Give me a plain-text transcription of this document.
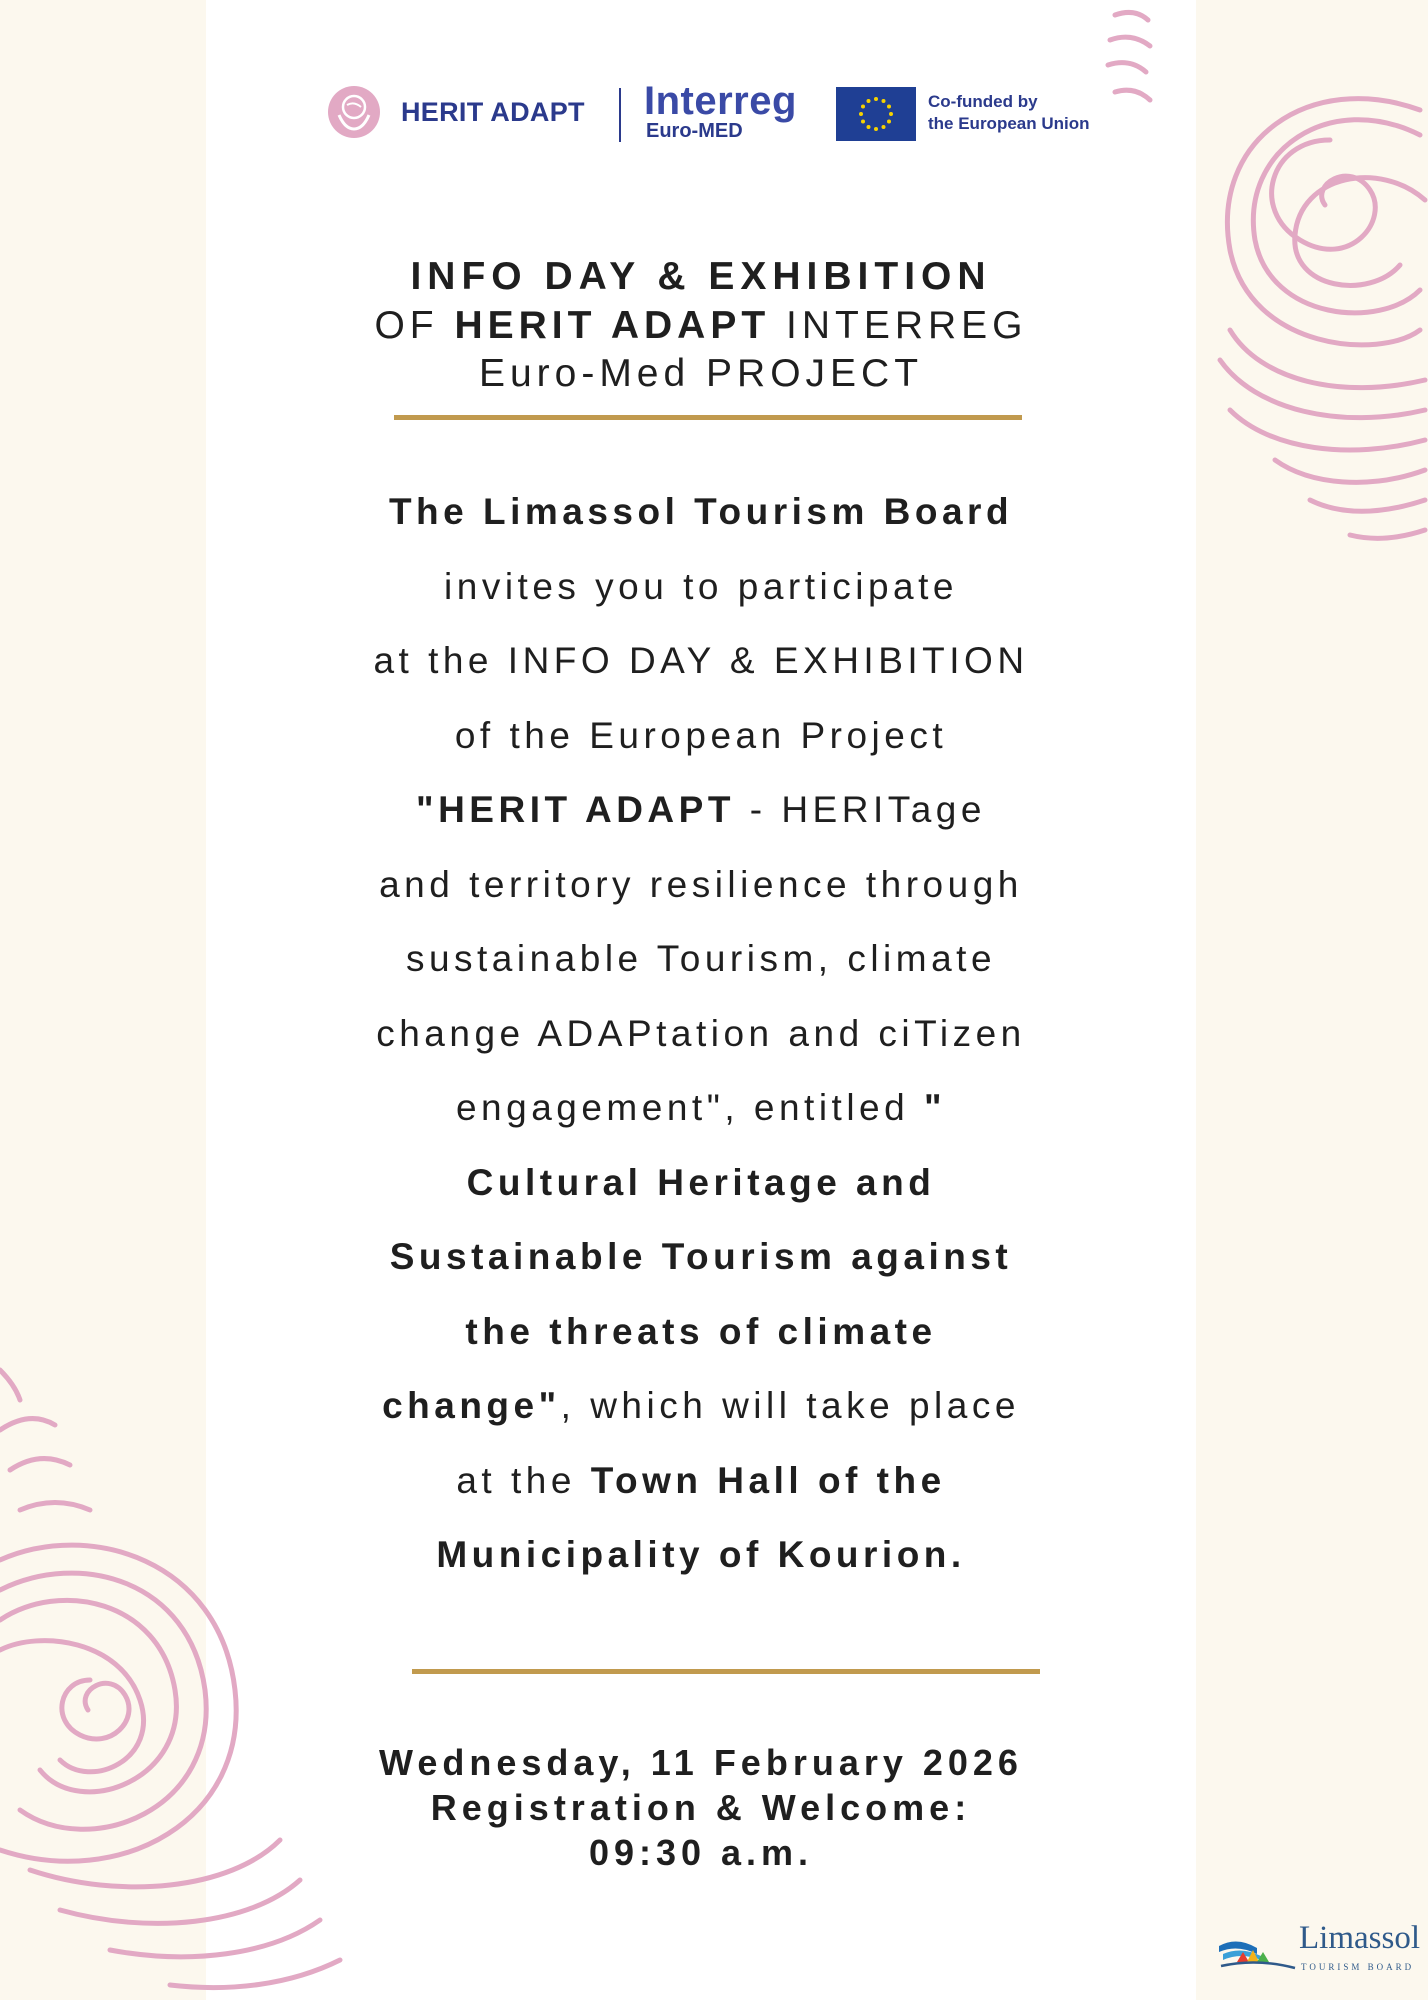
HERIT ADAPT Interreg
Euro-MED
Co-funded by
the European Union
INFO DAY & EXHIBITION
OF HERIT ADAPT INTERREG
Euro-Med PROJECT
The Limassol Tourism Board
invites you to participate
at the INFO DAY & EXHIBITION
of the European Project
"HERIT ADAPT - HERITage
and territory resilience through
sustainable Tourism, climate
change ADAPtation and ciTizen
engagement", entitled "
Cultural Heritage and
Sustainable Tourism against
the threats of climate
change", which will take place
at the Town Hall of the
Municipality of Kourion.
Wednesday, 11 February 2026
Registration & Welcome:
09:30 a.m.
Limassol
TOURISM BOARD
